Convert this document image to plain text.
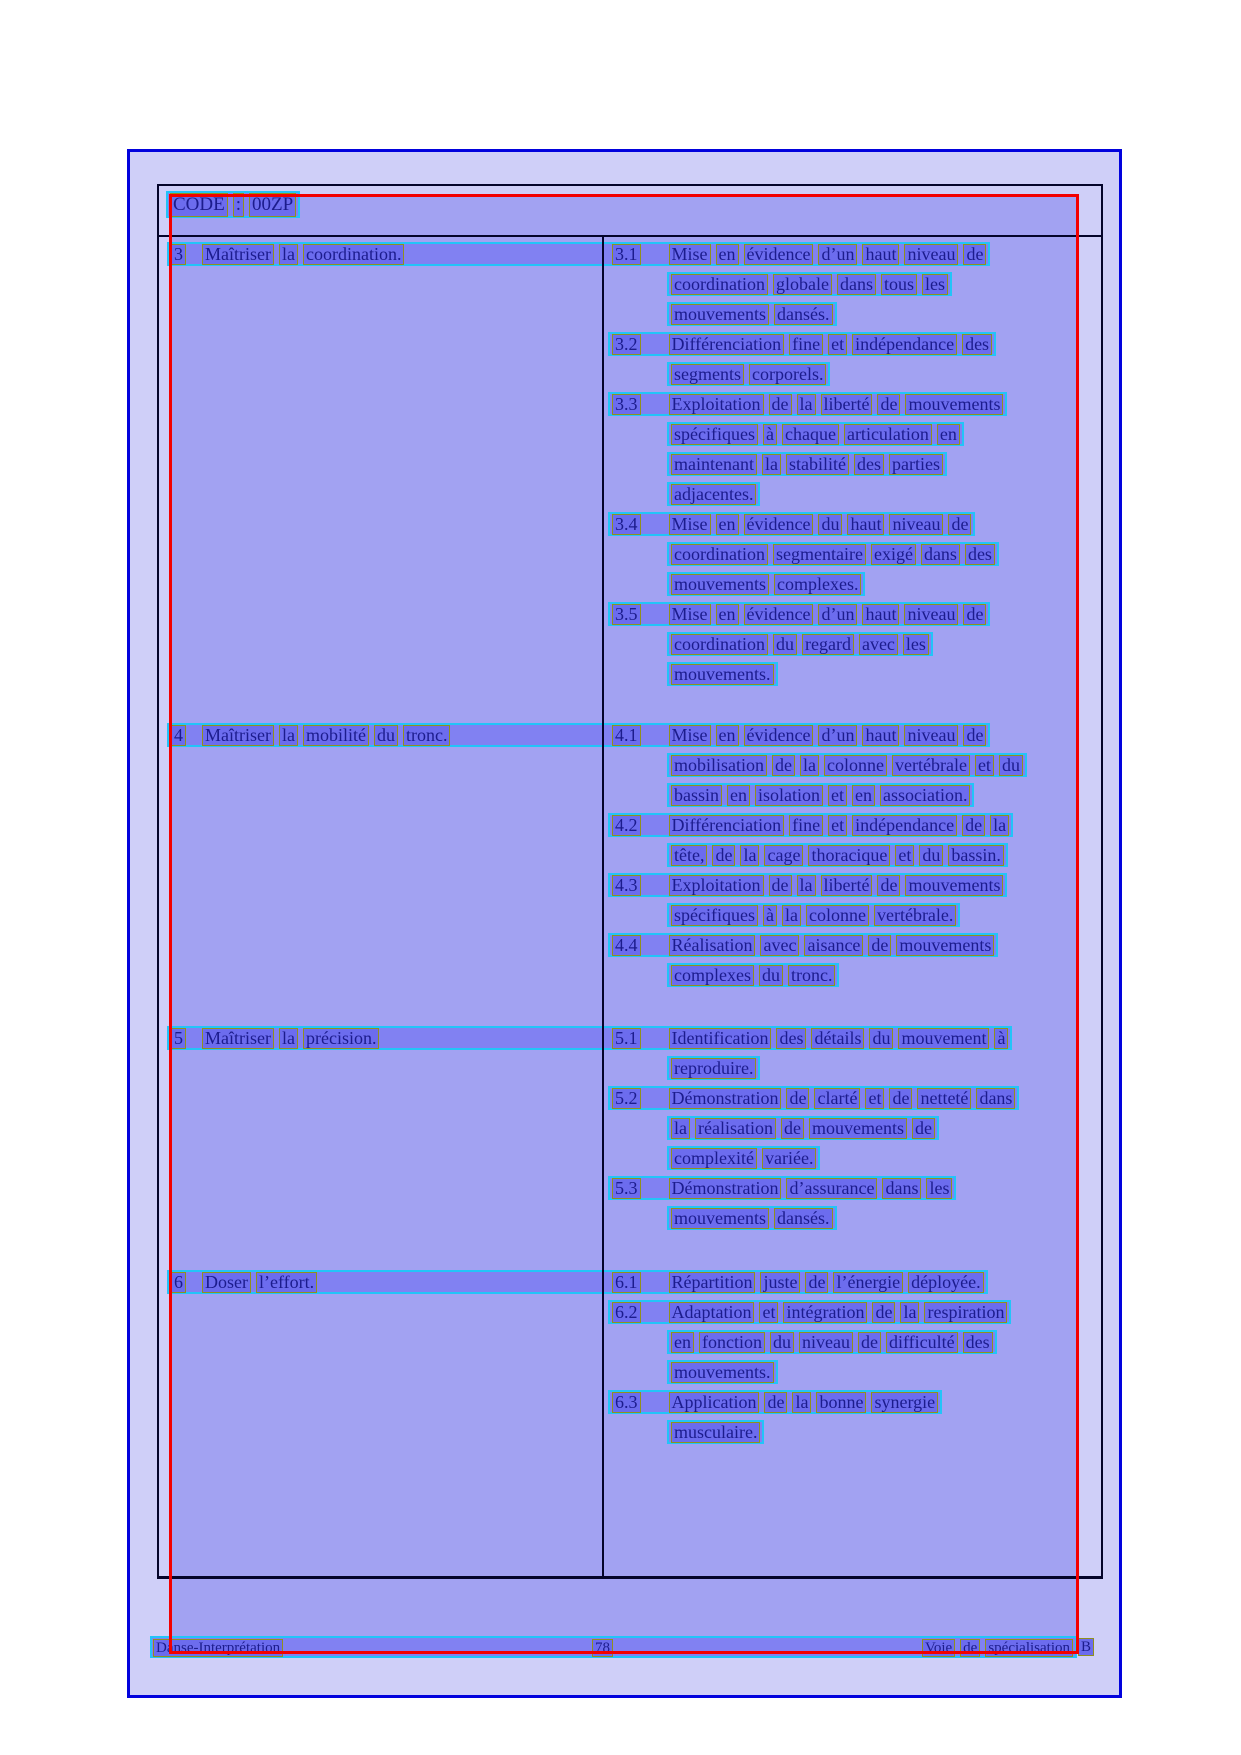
CODE : 00ZP
3 Maîtriser la coordination.	3.1 Mise en évidence d’un haut niveau de
coordination globale dans tous les
mouvements dansés.
3.2 Différenciation fine et indépendance des
segments corporels.
3.3 Exploitation de la liberté de mouvements
spécifiques à chaque articulation en
maintenant la stabilité des parties
adjacentes.
3.4 Mise en évidence du haut niveau de
coordination segmentaire exigé dans des
mouvements complexes.
3.5 Mise en évidence d’un haut niveau de
coordination du regard avec les
mouvements.
4 Maîtriser la mobilité du tronc.	4.1 Mise en évidence d’un haut niveau de
mobilisation de la colonne vertébrale et du
bassin en isolation et en association.
4.2 Différenciation fine et indépendance de la
tête, de la cage thoracique et du bassin.
4.3 Exploitation de la liberté de mouvements
spécifiques à la colonne vertébrale.
4.4 Réalisation avec aisance de mouvements
complexes du tronc.
5 Maîtriser la précision.	5.1 Identification des détails du mouvement à
reproduire.
5.2 Démonstration de clarté et de netteté dans
la réalisation de mouvements de
complexité variée.
5.3 Démonstration d’assurance dans les
mouvements dansés.
6 Doser l’effort.	6.1 Répartition juste de l’énergie déployée.
6.2 Adaptation et intégration de la respiration
en fonction du niveau de difficulté des
mouvements.
6.3 Application de la bonne synergie
musculaire.
Danse-Interprétation	78	Voie de spécialisation B
